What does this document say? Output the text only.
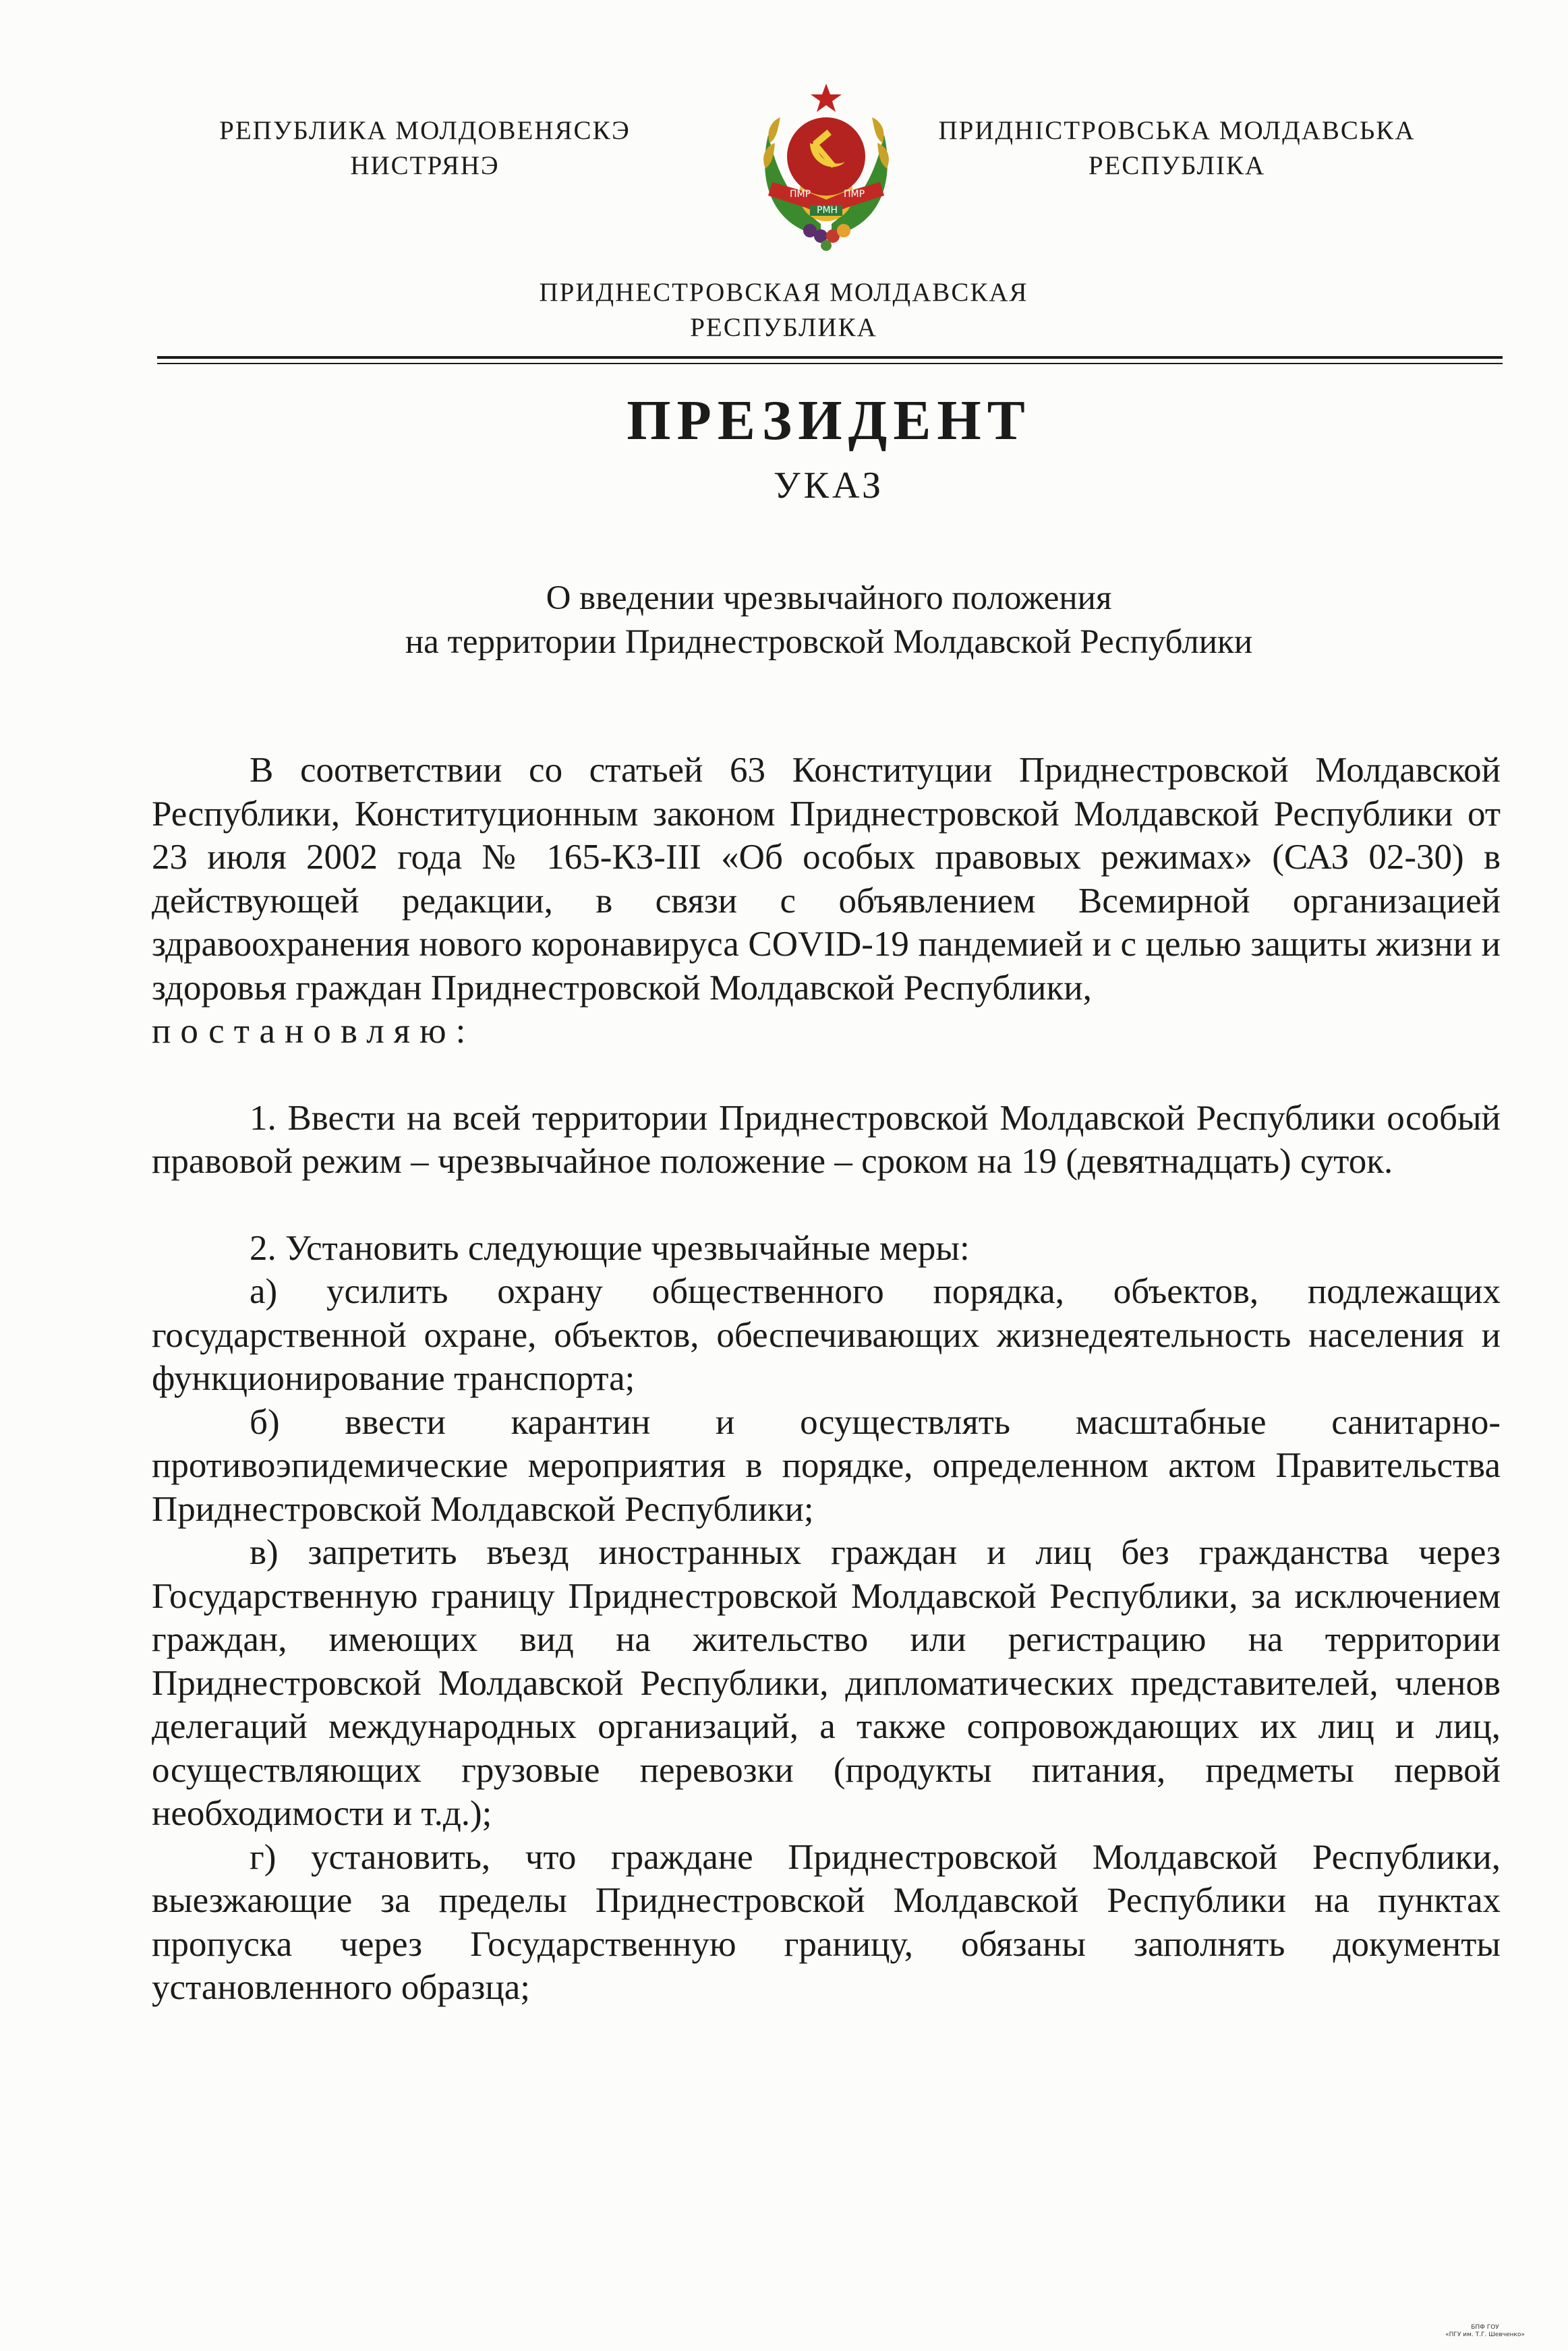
РЕПУБЛИКА МОЛДОВЕНЯСКЭ
НИСТРЯНЭ
ПМР
РМН
ПМР
ПРИДНІСТРОВСЬКА МОЛДАВСЬКА
РЕСПУБЛІКА
ПРИДНЕСТРОВСКАЯ МОЛДАВСКАЯ
РЕСПУБЛИКА
ПРЕЗИДЕНТ
УКАЗ
О введении чрезвычайного положения
на территории Приднестровской Молдавской Республики

В соответствии со статьей 63 Конституции Приднестровской Молдавской Республики, Конституционным законом Приднестровской Молдавской Республики от 23 июля 2002 года № 165-КЗ-III «Об особых правовых режимах» (САЗ 02-30) в действующей редакции, в связи с объявлением Всемирной организацией здравоохранения нового коронавируса COVID-19 пандемией и с целью защиты жизни и здоровья граждан Приднестровской Молдавской Республики,

постановляю:

1. Ввести на всей территории Приднестровской Молдавской Республики особый правовой режим – чрезвычайное положение – сроком на 19 (девятнадцать) суток.

2. Установить следующие чрезвычайные меры:

а) усилить охрану общественного порядка, объектов, подлежащих государственной охране, объектов, обеспечивающих жизнедеятельность населения и функционирование транспорта;

б) ввести карантин и осуществлять масштабные санитарно-противоэпидемические мероприятия в порядке, определенном актом Правительства Приднестровской Молдавской Республики;

в) запретить въезд иностранных граждан и лиц без гражданства через Государственную границу Приднестровской Молдавской Республики, за исключением граждан, имеющих вид на жительство или регистрацию на территории Приднестровской Молдавской Республики, дипломатических представителей, членов делегаций международных организаций, а также сопровождающих их лиц и лиц, осуществляющих грузовые перевозки (продукты питания, предметы первой необходимости и т.д.);

г) установить, что граждане Приднестровской Молдавской Республики, выезжающие за пределы Приднестровской Молдавской Республики на пунктах пропуска через Государственную границу, обязаны заполнять документы установленного образца;

БПФ ГОУ
«ПГУ им. Т.Г. Шевченко»
